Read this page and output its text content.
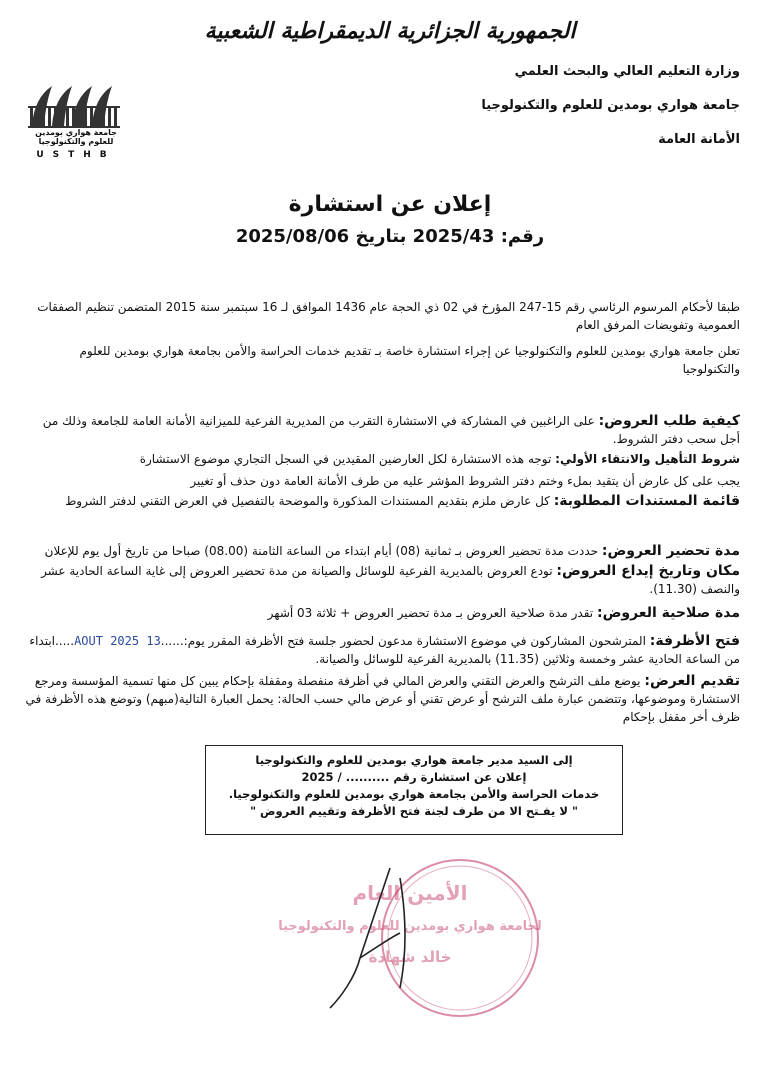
الجمهورية الجزائرية الديمقراطية الشعبية
وزارة التعليم العالي والبحث العلمي
جامعة هواري بومدين للعلوم والتكنولوجيا
الأمانة العامة
جامعة هواري بومدين للعلوم والتكنولوجيا
USTHB
إعلان عن استشارة
رقم: 2025/43 بتاريخ 2025/08/06
طبقا لأحكام المرسوم الرئاسي رقم 15-247 المؤرخ في 02 ذي الحجة عام 1436 الموافق لـ 16 سبتمبر سنة 2015 المتضمن تنظيم الصفقات العمومية وتفويضات المرفق العام
تعلن جامعة هواري بومدين للعلوم والتكنولوجيا عن إجراء استشارة خاصة بـ تقديم خدمات الحراسة والأمن بجامعة هواري بومدين للعلوم والتكنولوجيا
كيفية طلب العروض: على الراغبين في المشاركة في الاستشارة التقرب من المديرية الفرعية للميزانية الأمانة العامة للجامعة وذلك من أجل سحب دفتر الشروط.
شروط التأهيل والانتقاء الأولي: توجه هذه الاستشارة لكل العارضين المقيدين في السجل التجاري موضوع الاستشارة
يجب على كل عارض أن يتقيد بملء وختم دفتر الشروط المؤشر عليه من طرف الأمانة العامة دون حذف أو تغيير
قائمة المستندات المطلوبة: كل عارض ملزم بتقديم المستندات المذكورة والموضحة بالتفصيل في العرض التقني لدفتر الشروط
مدة تحضير العروض: حددت مدة تحضير العروض بـ ثمانية (08) أيام ابتداء من الساعة الثامنة (08.00) صباحا من تاريخ أول يوم للإعلان
مكان وتاريخ إيداع العروض: تودع العروض بالمديرية الفرعية للوسائل والصيانة من مدة تحضير العروض إلى غاية الساعة الحادية عشر والنصف (11.30).
مدة صلاحية العروض: تقدر مدة صلاحية العروض بـ مدة تحضير العروض + ثلاثة 03 أشهر
فتح الأظرفة: المترشحون المشاركون في موضوع الاستشارة مدعون لحضور جلسة فتح الأظرفة المقرر يوم:......13 AOUT 2025.....ابتداء من الساعة الحادية عشر وخمسة وثلاثين (11.35) بالمديرية الفرعية للوسائل والصيانة.
تقديم العرض: يوضع ملف الترشح والعرض التقني والعرض المالي في أظرفة منفصلة ومقفلة بإحكام يبين كل منها تسمية المؤسسة ومرجع الاستشارة وموضوعها، وتتضمن عبارة ملف الترشح أو عرض تقني أو عرض مالي حسب الحالة: يحمل العبارة التالية(مبهم) وتوضع هذه الأظرفة في ظرف أخر مقفل بإحكام
إلى السيد مدير جامعة هواري بومدين للعلوم والتكنولوجيا
إعلان عن استشارة رقم .......... / 2025
خدمات الحراسة والأمن بجامعة هواري بومدين للعلوم والتكنولوجيا.
" لا يفـتح الا من طرف لجنة فتح الأظرفة وتقييم العروض "
الأمين العام
لجامعة هواري بومدين للعلوم والتكنولوجيا
خالد شهادة
